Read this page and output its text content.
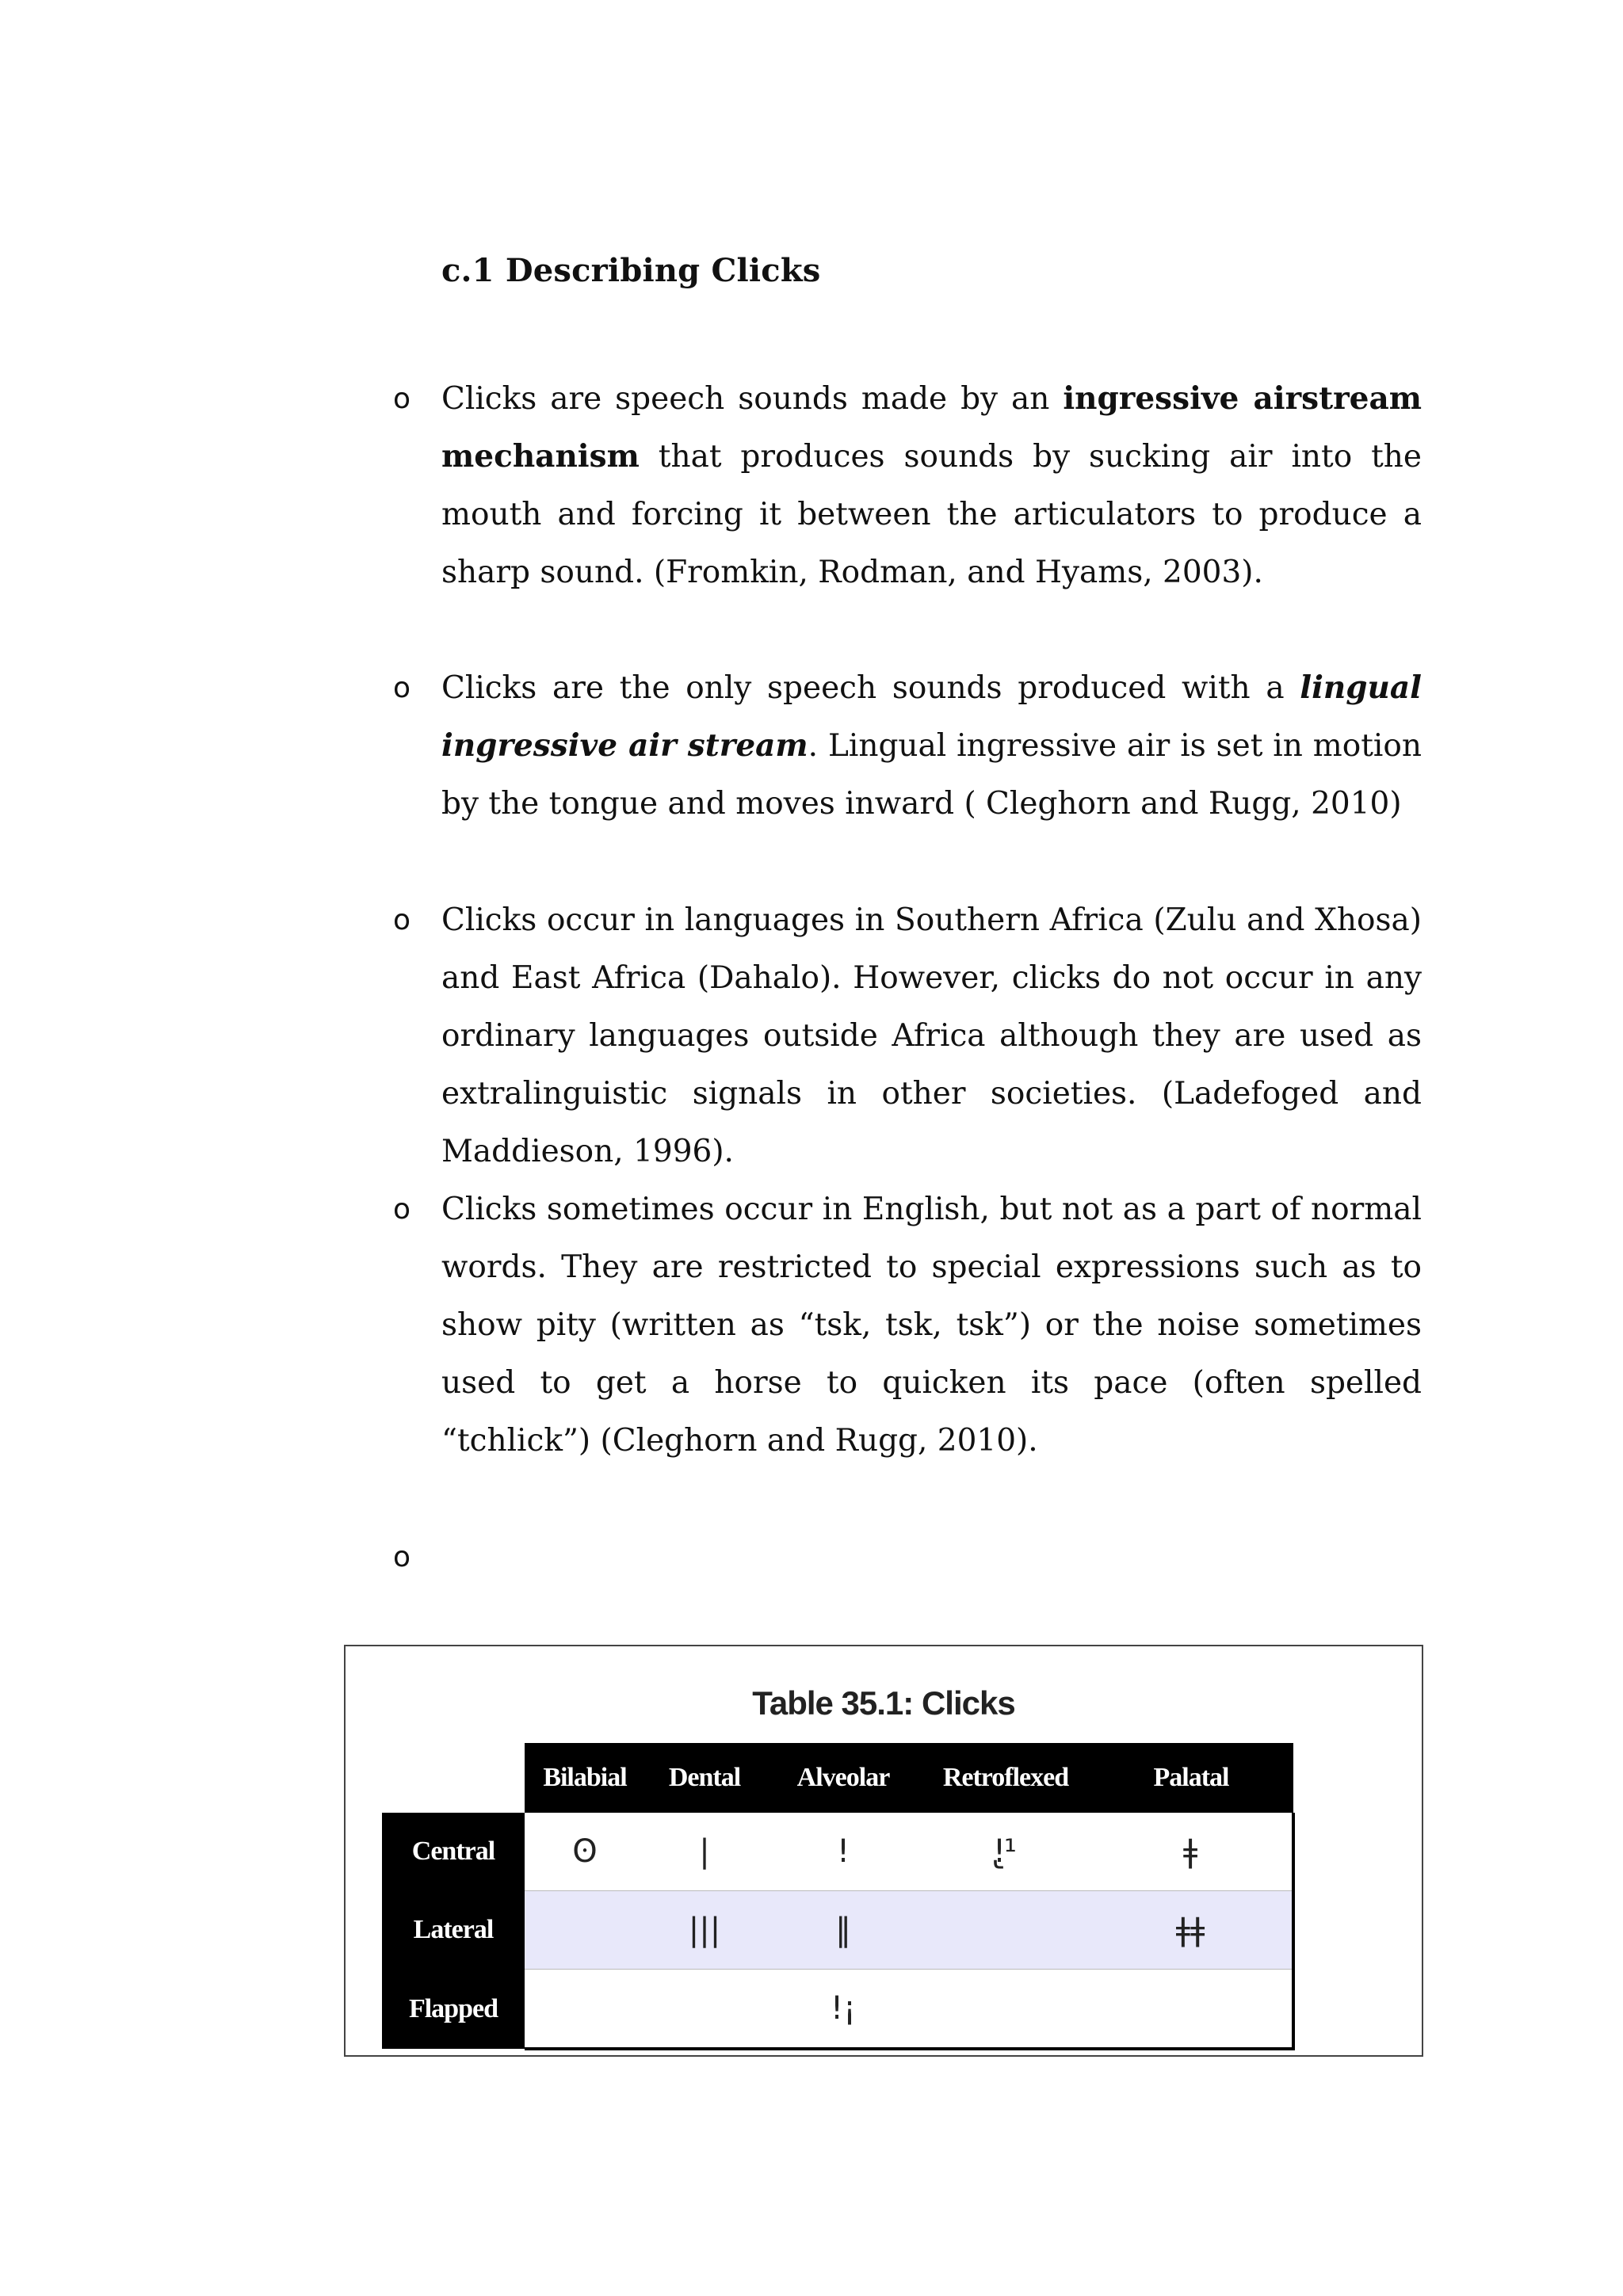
c.1 Describing Clicks
o Clicks are speech sounds made by an ingressive airstream mechanism that produces sounds by sucking air into the mouth and forcing it between the articulators to produce a sharp sound. (Fromkin, Rodman, and Hyams, 2003).

o Clicks are the only speech sounds produced with a lingual ingressive air stream. Lingual ingressive air is set in motion by the tongue and moves inward ( Cleghorn and Rugg, 2010)

o Clicks occur in languages in Southern Africa (Zulu and Xhosa) and East Africa (Dahalo). However, clicks do not occur in any ordinary languages outside Africa although they are used as extralinguistic signals in other societies. (Ladefoged and Maddieson, 1996).

o Clicks sometimes occur in English, but not as a part of normal words. They are restricted to special expressions such as to show pity (written as “tsk, tsk, tsk”) or the noise sometimes used to get a horse to quicken its pace (often spelled “tchlick”) (Cleghorn and Rugg, 2010).

o
Table 35.1: Clicks
	Bilabial	Dental	Alveolar	Retroflexed	Palatal
Central	ʘ	|	!	ǃ̢¹	ǂ
Lateral		|||	‖		ǂǂ
Flapped			!¡		
